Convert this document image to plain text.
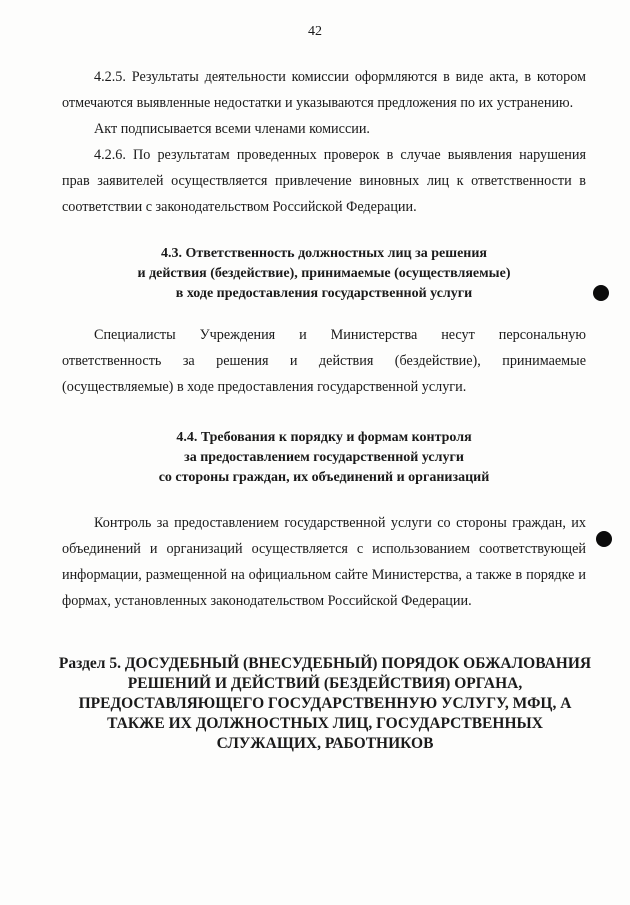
42

4.2.5. Результаты деятельности комиссии оформляются в виде акта, в котором отмечаются выявленные недостатки и указываются предложения по их устранению.

Акт подписывается всеми членами комиссии.

4.2.6. По результатам проведенных проверок в случае выявления нарушения прав заявителей осуществляется привлечение виновных лиц к ответственности в соответствии с законодательством Российской Федерации.

4.3. Ответственность должностных лиц за решения
и действия (бездействие), принимаемые (осуществляемые)
в ходе предоставления государственной услуги

Специалисты Учреждения и Министерства несут персональную ответственность за решения и действия (бездействие), принимаемые (осуществляемые) в ходе предоставления государственной услуги.

4.4. Требования к порядку и формам контроля
за предоставлением государственной услуги
со стороны граждан, их объединений и организаций

Контроль за предоставлением государственной услуги со стороны граждан, их объединений и организаций осуществляется с использованием соответствующей информации, размещенной на официальном сайте Министерства, а также в порядке и формах, установленных законодательством Российской Федерации.

Раздел 5. ДОСУДЕБНЫЙ (ВНЕСУДЕБНЫЙ) ПОРЯДОК ОБЖАЛОВАНИЯ
РЕШЕНИЙ И ДЕЙСТВИЙ (БЕЗДЕЙСТВИЯ) ОРГАНА,
ПРЕДОСТАВЛЯЮЩЕГО ГОСУДАРСТВЕННУЮ УСЛУГУ, МФЦ, А
ТАКЖЕ ИХ ДОЛЖНОСТНЫХ ЛИЦ, ГОСУДАРСТВЕННЫХ
СЛУЖАЩИХ, РАБОТНИКОВ
